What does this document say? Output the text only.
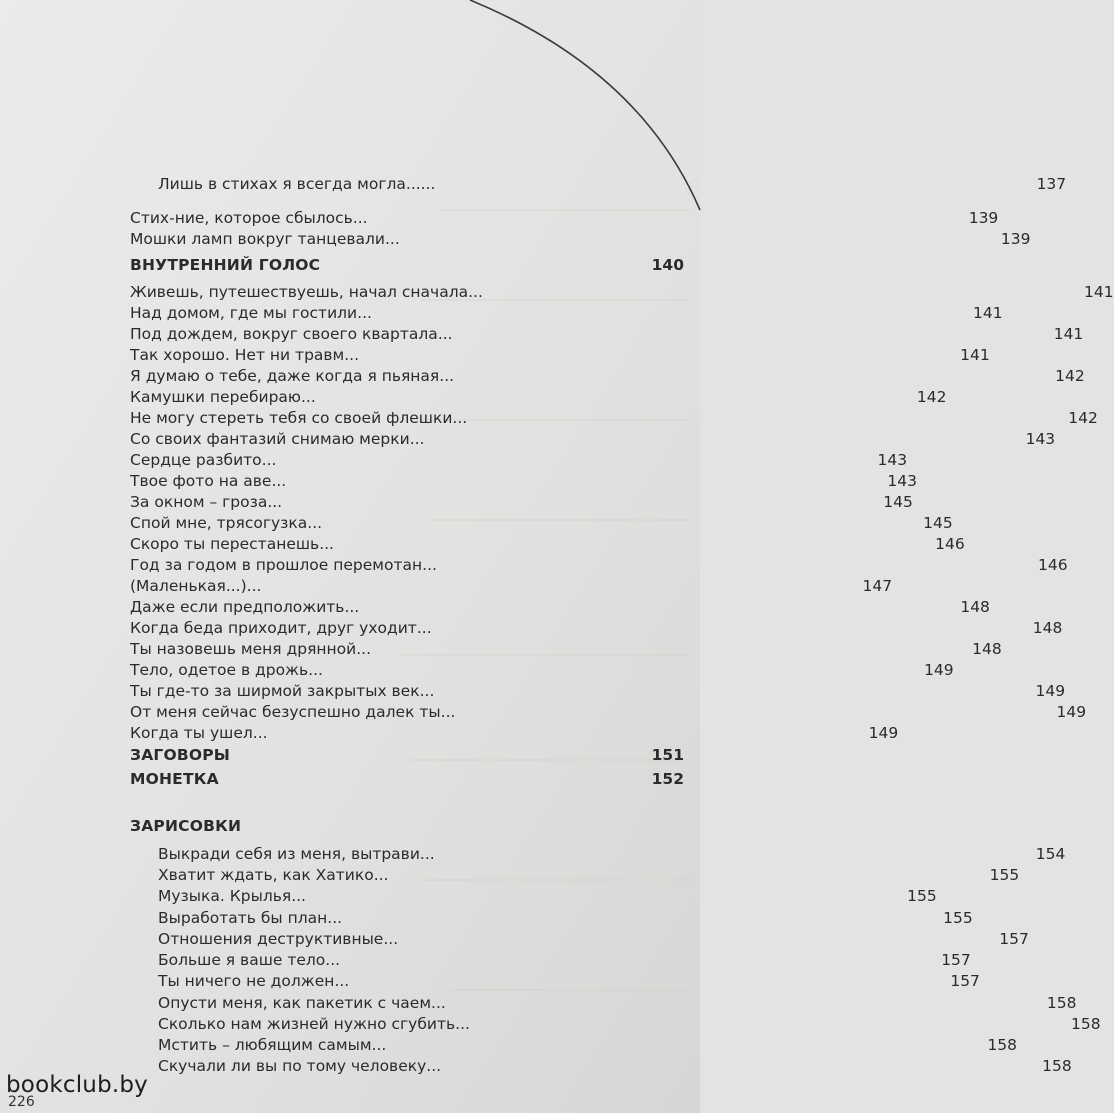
Лишь в стихах я всегда могла... ...	137
Стих-ние, которое сбылось ...	139
Мошки ламп вокруг танцевали ...	139
ВНУТРЕННИЙ ГОЛОС	140
Живешь, путешествуешь, начал сначала ...	141
Над домом, где мы гостили ...	141
Под дождем, вокруг своего квартала ...	141
Так хорошо. Нет ни травм ...	141
Я думаю о тебе, даже когда я пьяная ...	142
Камушки перебираю ...	142
Не могу стереть тебя со своей флешки ...	142
Со своих фантазий снимаю мерки ...	143
Сердце разбито ...	143
Твое фото на аве ...	143
За окном – гроза ...	145
Спой мне, трясогузка ...	145
Скоро ты перестанешь ...	146
Год за годом в прошлое перемотан ...	146
(Маленькая...) ...	147
Даже если предположить ...	148
Когда беда приходит, друг уходит ...	148
Ты назовешь меня дрянной ...	148
Тело, одетое в дрожь ...	149
Ты где-то за ширмой закрытых век ...	149
От меня сейчас безуспешно далек ты ...	149
Когда ты ушел ...	149
ЗАГОВОРЫ	151
МОНЕТКА	152
ЗАРИСОВКИ
Выкради себя из меня, вытрави ...	154
Хватит ждать, как Хатико ...	155
Музыка. Крылья ...	155
Выработать бы план ...	155
Отношения деструктивные ...	157
Больше я ваше тело ...	157
Ты ничего не должен ...	157
Опусти меня, как пакетик с чаем ...	158
Сколько нам жизней нужно сгубить ...	158
Мстить – любящим самым ...	158
Скучали ли вы по тому человеку ...	158
bookclub.by
226
